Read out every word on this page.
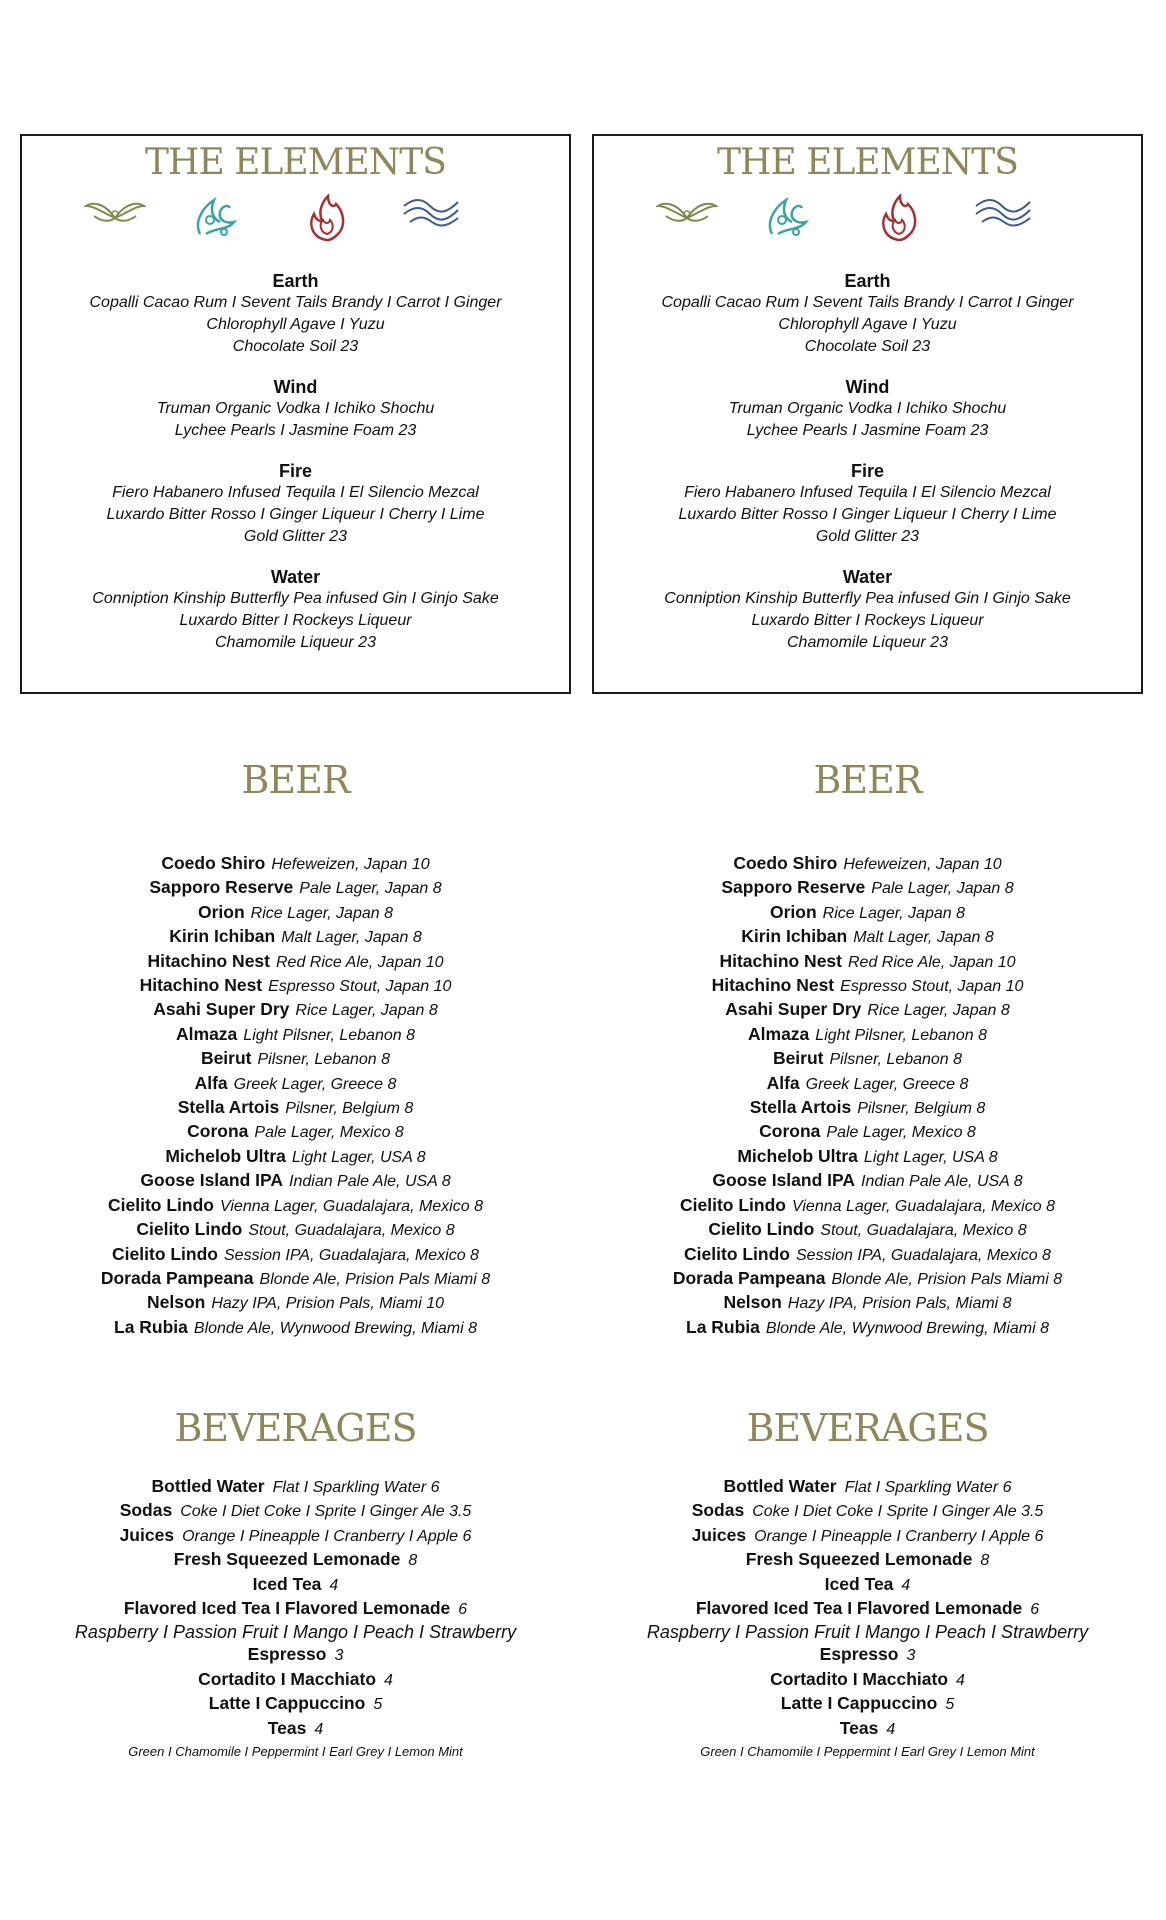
THE ELEMENTS
Earth
Copalli Cacao Rum I Sevent Tails Brandy I Carrot I Ginger
Chlorophyll Agave I Yuzu
Chocolate Soil 23
Wind
Truman Organic Vodka I Ichiko Shochu
Lychee Pearls I Jasmine Foam 23
Fire
Fiero Habanero Infused Tequila I El Silencio Mezcal
Luxardo Bitter Rosso I Ginger Liqueur I Cherry I Lime
Gold Glitter 23
Water
Conniption Kinship Butterfly Pea infused Gin I Ginjo Sake
Luxardo Bitter I Rockeys Liqueur
Chamomile Liqueur 23
BEER
Coedo Shiro Hefeweizen, Japan 10
Sapporo Reserve Pale Lager, Japan 8
Orion Rice Lager, Japan 8
Kirin Ichiban Malt Lager, Japan 8
Hitachino Nest Red Rice Ale, Japan 10
Hitachino Nest Espresso Stout, Japan 10
Asahi Super Dry Rice Lager, Japan 8
Almaza Light Pilsner, Lebanon 8
Beirut Pilsner, Lebanon 8
Alfa Greek Lager, Greece 8
Stella Artois Pilsner, Belgium 8
Corona Pale Lager, Mexico 8
Michelob Ultra Light Lager, USA 8
Goose Island IPA Indian Pale Ale, USA 8
Cielito Lindo Vienna Lager, Guadalajara, Mexico 8
Cielito Lindo Stout, Guadalajara, Mexico 8
Cielito Lindo Session IPA, Guadalajara, Mexico 8
Dorada Pampeana Blonde Ale, Prision Pals Miami 8
Nelson Hazy IPA, Prision Pals, Miami 10
La Rubia Blonde Ale, Wynwood Brewing, Miami 8
BEVERAGES
Bottled Water Flat I Sparkling Water 6
Sodas Coke I Diet Coke I Sprite I Ginger Ale 3.5
Juices Orange I Pineapple I Cranberry I Apple 6
Fresh Squeezed Lemonade 8
Iced Tea 4
Flavored Iced Tea I Flavored Lemonade 6
Raspberry I Passion Fruit I Mango I Peach I Strawberry
Espresso 3
Cortadito I Macchiato 4
Latte I Cappuccino 5
Teas 4
Green I Chamomile I Peppermint I Earl Grey I Lemon Mint
THE ELEMENTS
Earth
Copalli Cacao Rum I Sevent Tails Brandy I Carrot I Ginger
Chlorophyll Agave I Yuzu
Chocolate Soil 23
Wind
Truman Organic Vodka I Ichiko Shochu
Lychee Pearls I Jasmine Foam 23
Fire
Fiero Habanero Infused Tequila I El Silencio Mezcal
Luxardo Bitter Rosso I Ginger Liqueur I Cherry I Lime
Gold Glitter 23
Water
Conniption Kinship Butterfly Pea infused Gin I Ginjo Sake
Luxardo Bitter I Rockeys Liqueur
Chamomile Liqueur 23
BEER
Coedo Shiro Hefeweizen, Japan 10
Sapporo Reserve Pale Lager, Japan 8
Orion Rice Lager, Japan 8
Kirin Ichiban Malt Lager, Japan 8
Hitachino Nest Red Rice Ale, Japan 10
Hitachino Nest Espresso Stout, Japan 10
Asahi Super Dry Rice Lager, Japan 8
Almaza Light Pilsner, Lebanon 8
Beirut Pilsner, Lebanon 8
Alfa Greek Lager, Greece 8
Stella Artois Pilsner, Belgium 8
Corona Pale Lager, Mexico 8
Michelob Ultra Light Lager, USA 8
Goose Island IPA Indian Pale Ale, USA 8
Cielito Lindo Vienna Lager, Guadalajara, Mexico 8
Cielito Lindo Stout, Guadalajara, Mexico 8
Cielito Lindo Session IPA, Guadalajara, Mexico 8
Dorada Pampeana Blonde Ale, Prision Pals Miami 8
Nelson Hazy IPA, Prision Pals, Miami 8
La Rubia Blonde Ale, Wynwood Brewing, Miami 8
BEVERAGES
Bottled Water Flat I Sparkling Water 6
Sodas Coke I Diet Coke I Sprite I Ginger Ale 3.5
Juices Orange I Pineapple I Cranberry I Apple 6
Fresh Squeezed Lemonade 8
Iced Tea 4
Flavored Iced Tea I Flavored Lemonade 6
Raspberry I Passion Fruit I Mango I Peach I Strawberry
Espresso 3
Cortadito I Macchiato 4
Latte I Cappuccino 5
Teas 4
Green I Chamomile I Peppermint I Earl Grey I Lemon Mint
